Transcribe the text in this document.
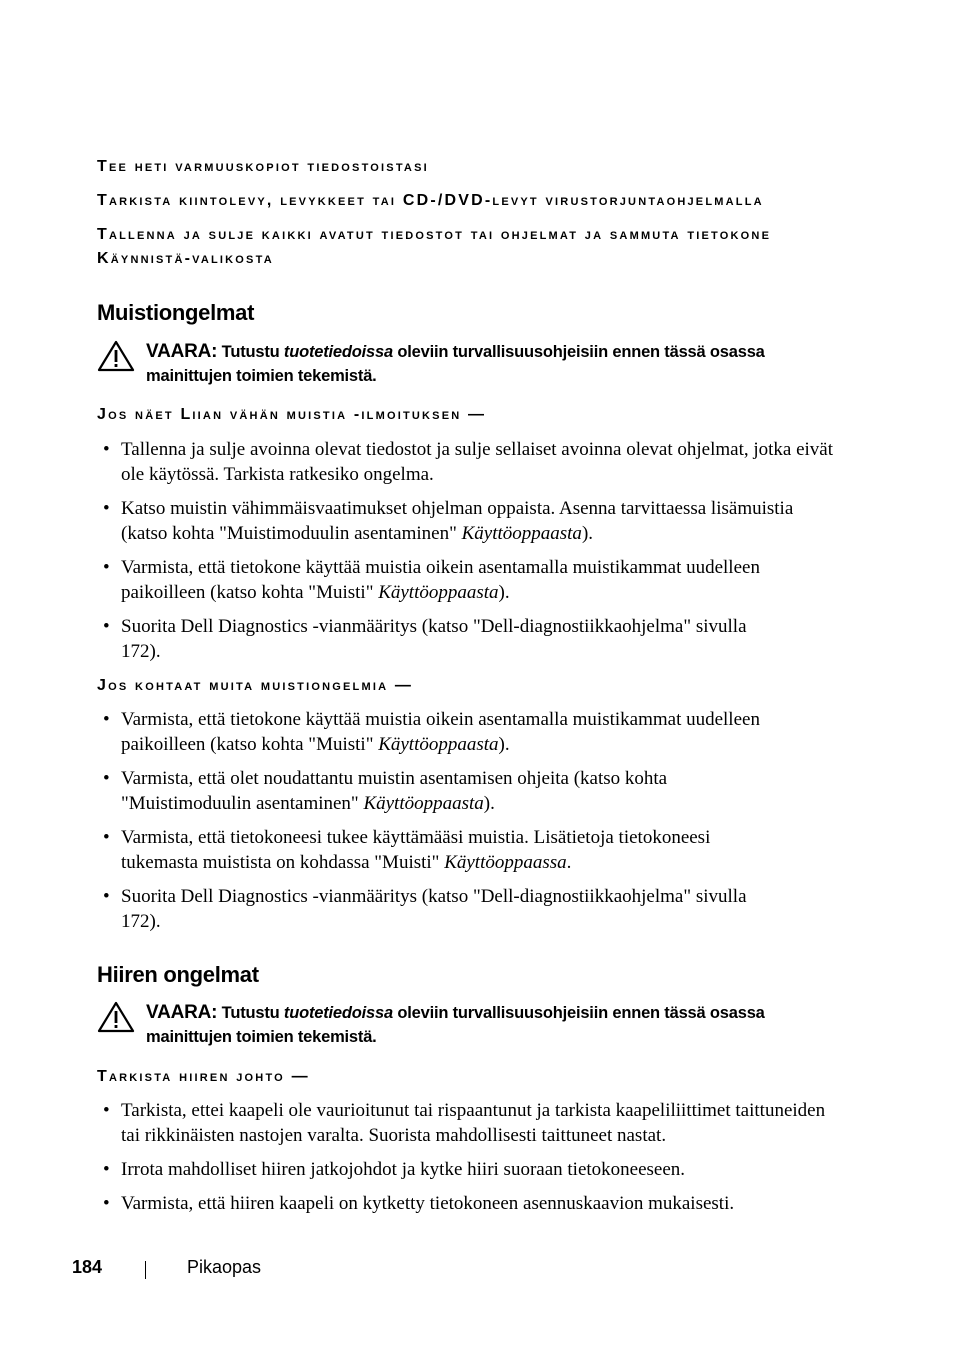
Tee heti varmuuskopiot tiedostoistasi

Tarkista kiintolevy, levykkeet tai CD-/DVD-levyt virustorjuntaohjelmalla

Tallenna ja sulje kaikki avatut tiedostot tai ohjelmat ja sammuta tietokone Käynnistä-valikosta

Muistiongelmat
VAARA: Tutustu tuotetiedoissa oleviin turvallisuusohjeisiin ennen tässä osassa mainittujen toimien tekemistä.

Jos näet Liian vähän muistia -ilmoituksen —

• Tallenna ja sulje avoinna olevat tiedostot ja sulje sellaiset avoinna olevat ohjelmat, jotka eivät ole käytössä. Tarkista ratkesiko ongelma.
• Katso muistin vähimmäisvaatimukset ohjelman oppaista. Asenna tarvittaessa lisämuistia (katso kohta "Muistimoduulin asentaminen" Käyttöoppaasta).
• Varmista, että tietokone käyttää muistia oikein asentamalla muistikammat uudelleen paikoilleen (katso kohta "Muisti" Käyttöoppaasta).
• Suorita Dell Diagnostics -vianmääritys (katso "Dell-diagnostiikkaohjelma" sivulla 172).

Jos kohtaat muita muistiongelmia —

• Varmista, että tietokone käyttää muistia oikein asentamalla muistikammat uudelleen paikoilleen (katso kohta "Muisti" Käyttöoppaasta).
• Varmista, että olet noudattantu muistin asentamisen ohjeita (katso kohta "Muistimoduulin asentaminen" Käyttöoppaasta).
• Varmista, että tietokoneesi tukee käyttämääsi muistia. Lisätietoja tietokoneesi tukemasta muistista on kohdassa "Muisti" Käyttöoppaassa.
• Suorita Dell Diagnostics -vianmääritys (katso "Dell-diagnostiikkaohjelma" sivulla 172).
Hiiren ongelmat
VAARA: Tutustu tuotetiedoissa oleviin turvallisuusohjeisiin ennen tässä osassa mainittujen toimien tekemistä.

Tarkista hiiren johto —

• Tarkista, ettei kaapeli ole vaurioitunut tai rispaantunut ja tarkista kaapeliliittimet taittuneiden tai rikkinäisten nastojen varalta. Suorista mahdollisesti taittuneet nastat.
• Irrota mahdolliset hiiren jatkojohdot ja kytke hiiri suoraan tietokoneeseen.
• Varmista, että hiiren kaapeli on kytketty tietokoneen asennuskaavion mukaisesti.
184	Pikaopas
